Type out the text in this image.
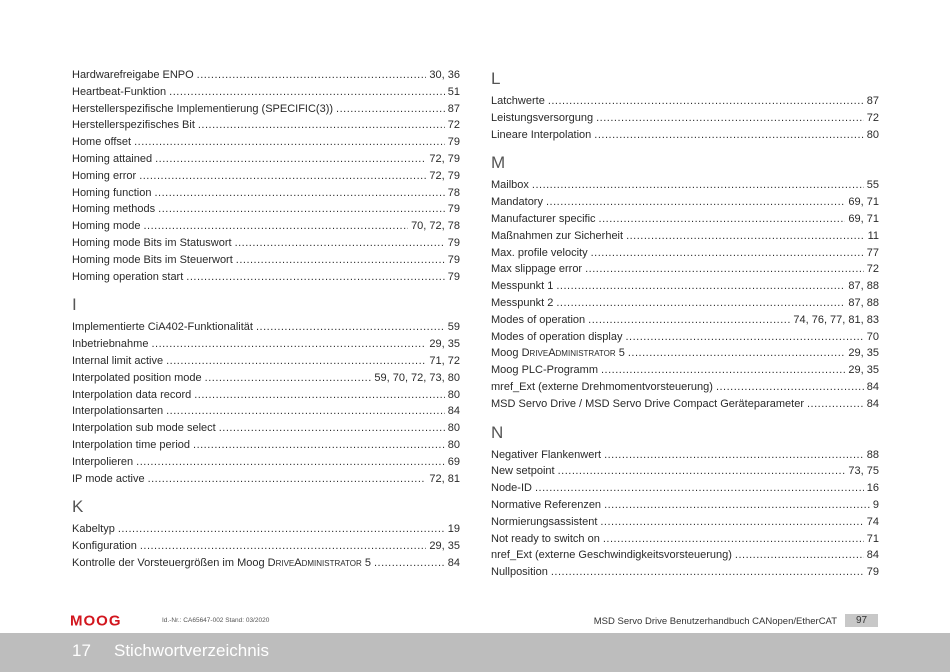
Hardwarefreigabe ENPO .....	30, 36
Heartbeat-Funktion .....	51
Herstellerspezifische Implementierung (SPECIFIC(3)) .....	87
Herstellerspezifisches Bit .....	72
Home offset .....	79
Homing attained .....	72, 79
Homing error .....	72, 79
Homing function .....	78
Homing methods .....	79
Homing mode .....	70, 72, 78
Homing mode Bits im Statuswort .....	79
Homing mode Bits im Steuerwort .....	79
Homing operation start .....	79
I
Implementierte CiA402-Funktionalität .....	59
Inbetriebnahme .....	29, 35
Internal limit active .....	71, 72
Interpolated position mode .....	59, 70, 72, 73, 80
Interpolation data record .....	80
Interpolationsarten .....	84
Interpolation sub mode select .....	80
Interpolation time period .....	80
Interpolieren .....	69
IP mode active .....	72, 81
K
Kabeltyp .....	19
Konfiguration .....	29, 35
Kontrolle der Vorsteuergrößen im Moog DriveAdministrator 5 .....	84
L
Latchwerte .....	87
Leistungsversorgung .....	72
Lineare Interpolation .....	80
M
Mailbox .....	55
Mandatory .....	69, 71
Manufacturer specific .....	69, 71
Maßnahmen zur Sicherheit .....	11
Max. profile velocity .....	77
Max slippage error .....	72
Messpunkt 1 .....	87, 88
Messpunkt 2 .....	87, 88
Modes of operation .....	74, 76, 77, 81, 83
Modes of operation display .....	70
Moog DriveAdministrator 5 .....	29, 35
Moog PLC-Programm .....	29, 35
mref_Ext (externe Drehmomentvorsteuerung) .....	84
MSD Servo Drive / MSD Servo Drive Compact Geräteparameter .....	84
N
Negativer Flankenwert .....	88
New setpoint .....	73, 75
Node-ID .....	16
Normative Referenzen .....	9
Normierungsassistent .....	74
Not ready to switch on .....	71
nref_Ext (externe Geschwindigkeitsvorsteuerung) .....	84
Nullposition .....	79
MOOG	Id.-Nr.: CA65647-002 Stand: 03/2020	MSD Servo Drive Benutzerhandbuch CANopen/EtherCAT	97
17 Stichwortverzeichnis
